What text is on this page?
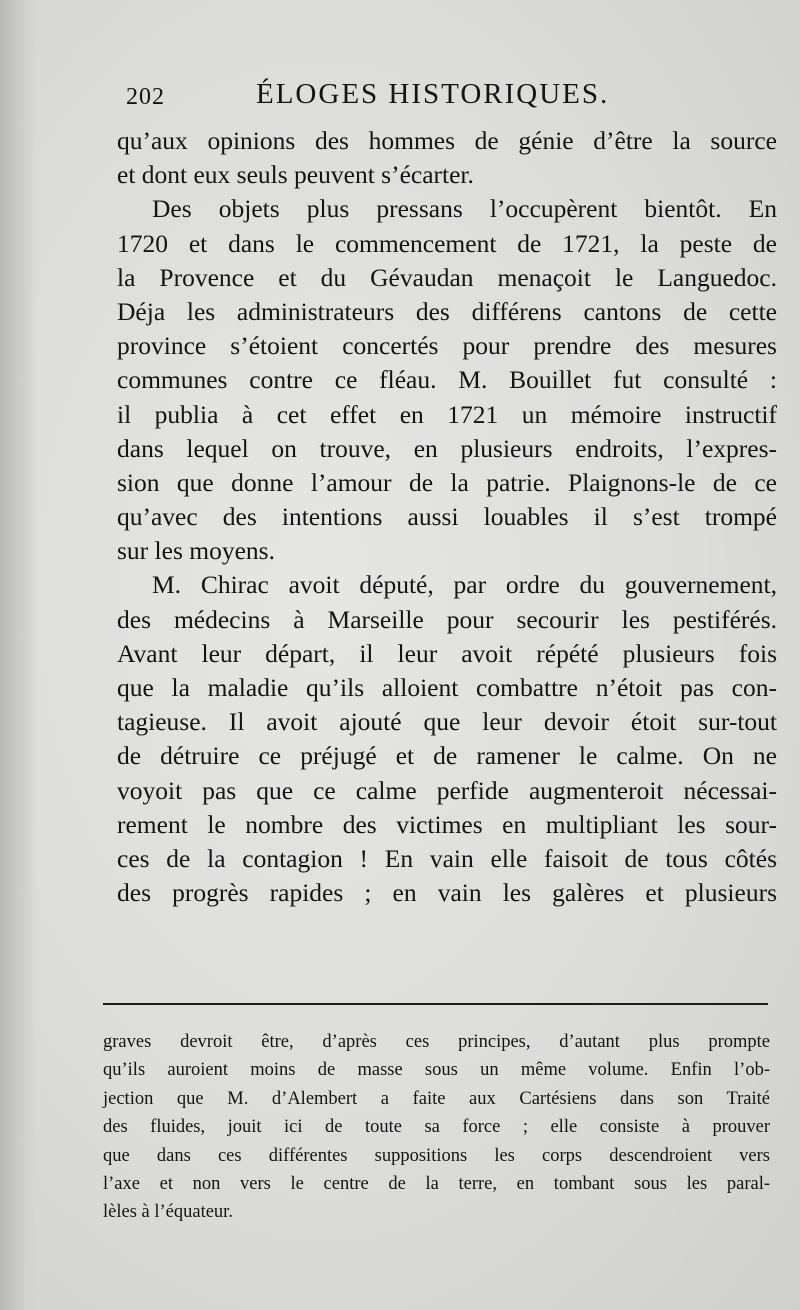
202	ÉLOGES HISTORIQUES.
qu’aux opinions des hommes de génie d’être la source
et dont eux seuls peuvent s’écarter.
Des objets plus pressans l’occupèrent bientôt. En
1720 et dans le commencement de 1721, la peste de
la Provence et du Gévaudan menaçoit le Languedoc.
Déja les administrateurs des différens cantons de cette
province s’étoient concertés pour prendre des mesures
communes contre ce fléau. M. Bouillet fut consulté :
il publia à cet effet en 1721 un mémoire instructif
dans lequel on trouve, en plusieurs endroits, l’expres-
sion que donne l’amour de la patrie. Plaignons-le de ce
qu’avec des intentions aussi louables il s’est trompé
sur les moyens.
M. Chirac avoit député, par ordre du gouvernement,
des médecins à Marseille pour secourir les pestiférés.
Avant leur départ, il leur avoit répété plusieurs fois
que la maladie qu’ils alloient combattre n’étoit pas con-
tagieuse. Il avoit ajouté que leur devoir étoit sur-tout
de détruire ce préjugé et de ramener le calme. On ne
voyoit pas que ce calme perfide augmenteroit nécessai-
rement le nombre des victimes en multipliant les sour-
ces de la contagion ! En vain elle faisoit de tous côtés
des progrès rapides ; en vain les galères et plusieurs
graves devroit être, d’après ces principes, d’autant plus prompte
qu’ils auroient moins de masse sous un même volume. Enfin l’ob-
jection que M. d’Alembert a faite aux Cartésiens dans son Traité
des fluides, jouit ici de toute sa force ; elle consiste à prouver
que dans ces différentes suppositions les corps descendroient vers
l’axe et non vers le centre de la terre, en tombant sous les paral-
lèles à l’équateur.
